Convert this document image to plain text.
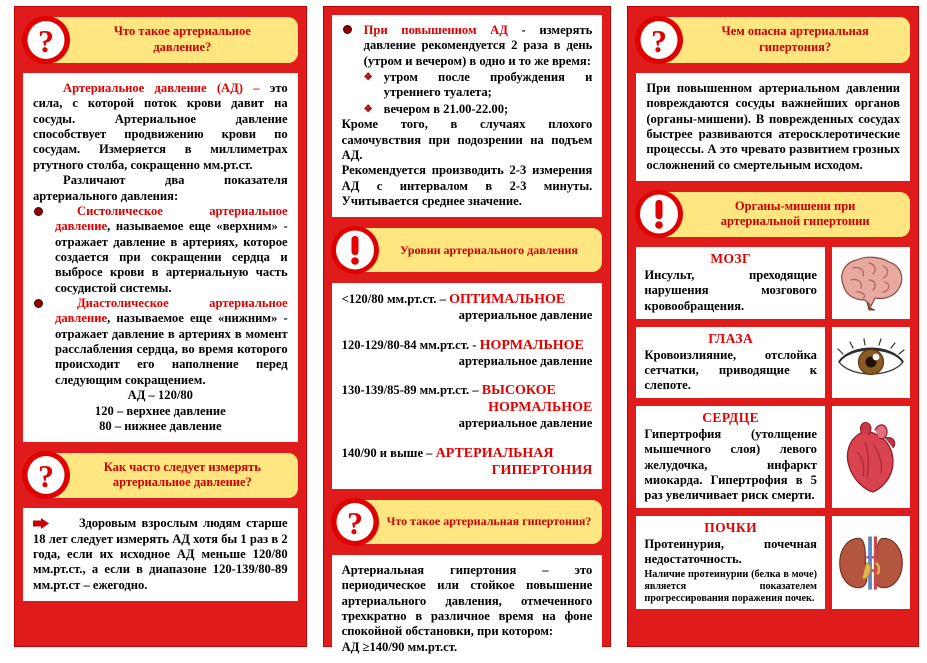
?	Что такое артериальное
давление?

Артериальное давление (АД) – это сила, с которой поток крови давит на сосуды. Артериальное давление способствует продвижению крови по сосудам. Измеряется в миллиметрах ртутного столба, сокращенно мм.рт.ст.

Различают два показателя артериального давления:

Систолическое артериальное давление, называемое еще «верхним» - отражает давление в артериях, которое создается при сокращении сердца и выбросе крови в артериальную часть сосудистой системы.
Диастолическое артериальное давление, называемое еще «нижним» - отражает давление в артериях в момент расслабления сердца, во время которого происходит его наполнение перед следующим сокращением.

АД – 120/80

120 – верхнее давление

80 – нижнее давление

?	Как часто следует измерять
артериальное давление?
Здоровым взрослым людям старше 18 лет следует измерять АД хотя бы 1 раз в 2 года, если их исходное АД меньше 120/80 мм.рт.ст., а если в диапазоне 120-139/80-89 мм.рт.ст – ежегодно.
При повышенном АД - измерять давление рекомендуется 2 раза в день (утром и вечером) в одно и то же время:
❖ утром после пробуждения и утреннего туалета;
❖ вечером в 21.00-22.00;

Кроме того, в случаях плохого самочувствия при подозрении на подъем АД.

Рекомендуется производить 2-3 измерения АД с интервалом в 2-3 минуты. Учитывается среднее значение.

Уровни артериального давления
<120/80 мм.рт.ст. – ОПТИМАЛЬНОЕ
артериальное давление
120-129/80-84 мм.рт.ст. - НОРМАЛЬНОЕ
артериальное давление
130-139/85-89 мм.рт.ст. – ВЫСОКОЕ
НОРМАЛЬНОЕ
артериальное давление
140/90 и выше – АРТЕРИАЛЬНАЯ
ГИПЕРТОНИЯ
?	Что такое артериальная гипертония?

Артериальная гипертония – это периодическое или стойкое повышение артериального давления, отмеченного трехкратно в различное время на фоне спокойной обстановки, при котором:

АД ≥140/90 мм.рт.ст.

?	Чем опасна артериальная
гипертония?

При повышенном артериальном давлении повреждаются сосуды важнейших органов (органы-мишени). В поврежденных сосудах быстрее развиваются атеросклеротические процессы. А это чревато развитием грозных осложнений со смертельным исходом.

Органы-мишени при
артериальной гипертонии
МОЗГ
Инсульт, преходящие нарушения мозгового кровообращения.
ГЛАЗА
Кровоизлияние, отслойка сетчатки, приводящие к слепоте.
СЕРДЦЕ
Гипертрофия (утолщение мышечного слоя) левого желудочка, инфаркт миокарда. Гипертрофия в 5 раз увеличивает риск смерти.
ПОЧКИ
Протеинурия, почечная недостаточность.
Наличие протеинурии (белка в моче) является показателем прогрессирования поражения почек.
